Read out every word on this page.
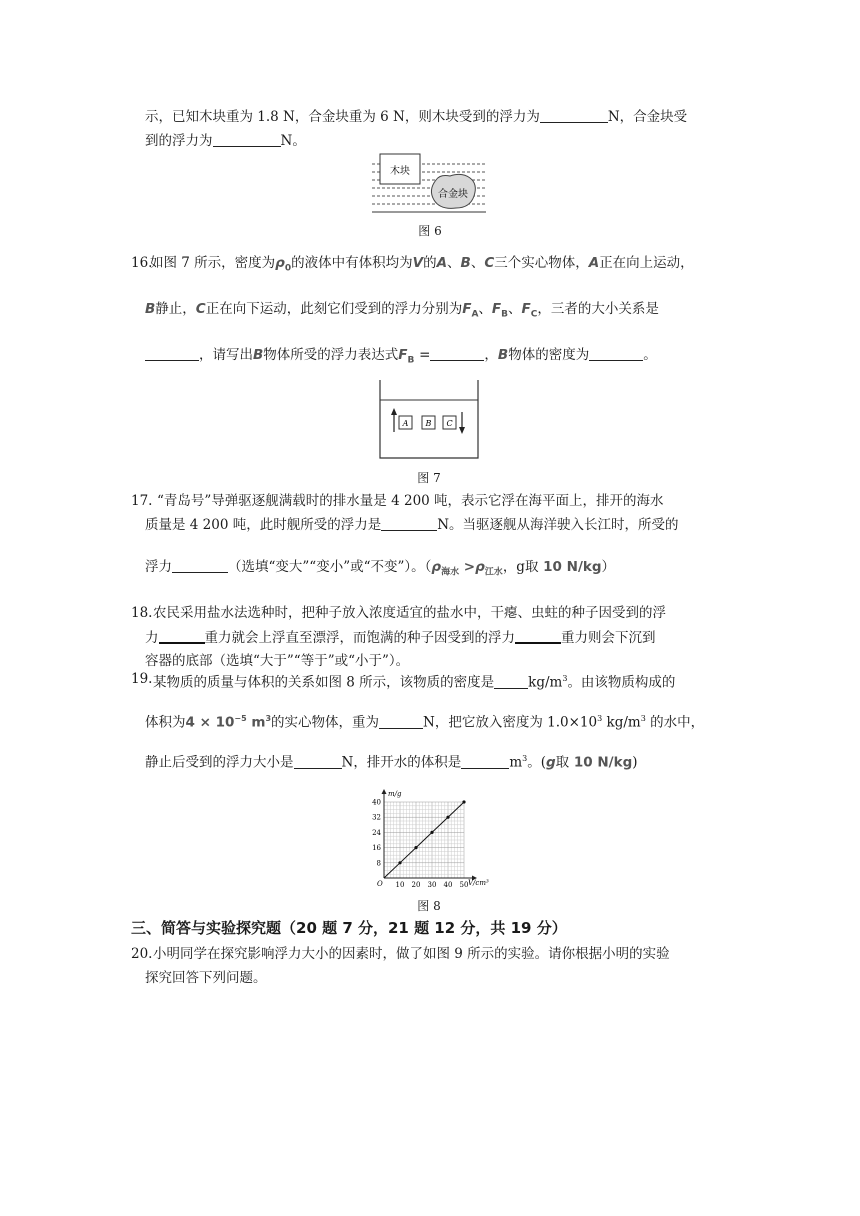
示，已知木块重为 1.8 N，合金块重为 6 N，则木块受到的浮力为	N，合金块受
到的浮力为	N。
木块
合金块
图 6
16.
如图 7 所示，密度为$\rho_0$的液体中有体积均为V的A、B、C三个实心物体，A正在向上运动，
B静止，C正在向下运动，此刻它们受到的浮力分别为$F_A$、$F_B$、$F_C$，三者的大小关系是
，请写出B物体所受的浮力表达式$F_B$ =	，B物体的密度为	。
A B C
图 7
17. “青岛号”导弹驱逐舰满载时的排水量是 4 200 吨，表示它浮在海平面上，排开的海水
质量是 4 200 吨，此时舰所受的浮力是	N。当驱逐舰从海洋驶入长江时，所受的
浮力	（选填“变大”“变小”或“不变”）。（$\rho_{海水} >\rho_{江水}$，g取 10 N/kg）
18. 农民采用盐水法选种时，把种子放入浓度适宜的盐水中，干瘪、虫蛀的种子因受到的浮
力	重力就会上浮直至漂浮，而饱满的种子因受到的浮力	重力则会下沉到
容器的底部（选填“大于”“等于”或“小于”）。
19. 某物质的质量与体积的关系如图 8 所示，该物质的密度是	$kg/m^3$。由该物质构成的
体积为$4 \times 10^{-5}$ $m^3$的实心物体，重为	N，把它放入密度为 $1.0\times 10^3$ $kg/m^3$ 的水中，
静止后受到的浮力大小是	N，排开水的体积是	$m^3$。(g取 10 N/kg)
m/g
V/cm³
O 10 20 30 40 50
8
16
24
32
40
图 8
三、简答与实验探究题（20 题 7 分，21 题 12 分，共 19 分）
20. 小明同学在探究影响浮力大小的因素时，做了如图 9 所示的实验。请你根据小明的实验
探究回答下列问题。
